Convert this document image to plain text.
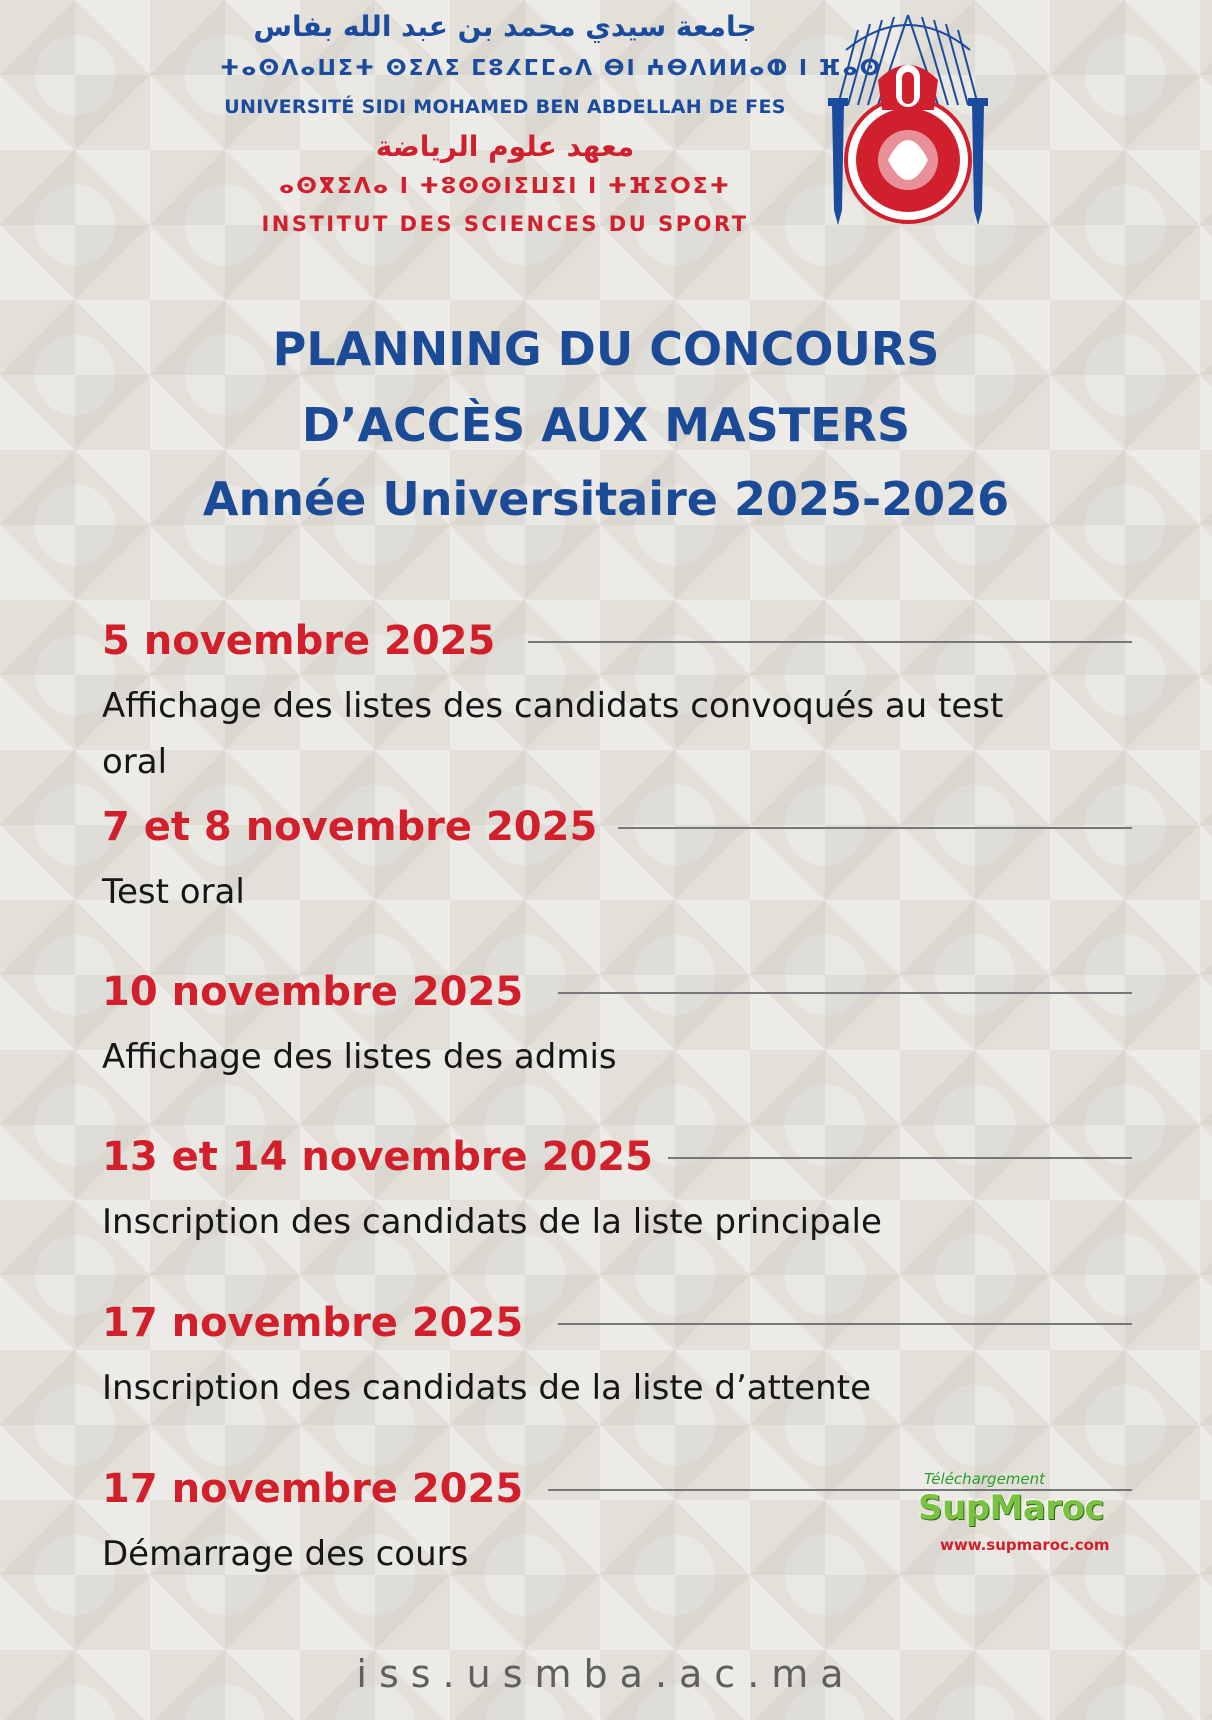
جامعة سيدي محمد بن عبد الله بفاس
ⵜⴰⵙⴷⴰⵡⵉⵜ ⵙⵉⴷⵉ ⵎⵓⵃⵎⵎⴰⴷ ⴱⵏ ⵄⴱⴷⵍⵍⴰⵀ ⵏ ⴼⴰⵙ
UNIVERSITÉ SIDI MOHAMED BEN ABDELLAH DE FES
معهد علوم الرياضة
ⴰⵙⴳⵉⴷⴰ ⵏ ⵜⵓⵙⵙⵏⵉⵡⵉⵏ ⵏ ⵜⴼⵉⵔⵉⵜ
INSTITUT DES SCIENCES DU SPORT
PLANNING DU CONCOURS
D’ACCÈS AUX MASTERS
Année Universitaire 2025-2026
5 novembre 2025
Affichage des listes des candidats convoqués au test oral
7 et 8 novembre 2025
Test oral
10 novembre 2025
Affichage des listes des admis
13 et 14 novembre 2025
Inscription des candidats de la liste principale
17 novembre 2025
Inscription des candidats de la liste d’attente
17 novembre 2025
Démarrage des cours
Téléchargement
SupMaroc
www.supmaroc.com
iss.usmba.ac.ma
